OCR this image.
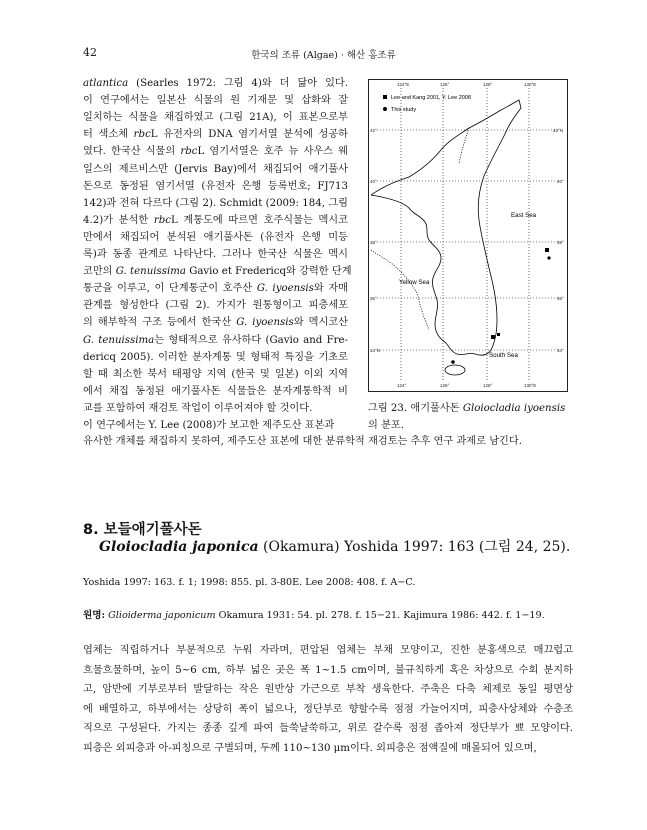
42	한국의 조류 (Algae) · 해산 홍조류
atlantica (Searles 1972: 그림 4)와 더 닮아 있다.
이 연구에서는 일본산 식물의 원 기재문 및 삽화와 잘
일치하는 식물을 채집하였고 (그림 21A), 이 표본으로부
터 색소체 rbcL 유전자의 DNA 염기서열 분석에 성공하
였다. 한국산 식물의 rbcL 염기서열은 호주 뉴 사우스 웨
일스의 제르비스만 (Jervis Bay)에서 채집되어 애기풀사
돈으로 동정된 염기서열 (유전자 은행 등록번호; FJ713
142)과 전혀 다르다 (그림 2). Schmidt (2009: 184, 그림
4.2)가 분석한 rbcL 계통도에 따르면 호주식물는 멕시코
만에서 채집되어 분석된 애기풀사돈 (유전자 은행 미등
록)과 동종 관계로 나타난다. 그러나 한국산 식물은 멕시
코만의 G. tenuissima Gavio et Fredericq와 강력한 단계
통군을 이루고, 이 단계통군이 호주산 G. iyoensis와 자매
관계를 형성한다 (그림 2). 가지가 원통형이고 피층세포
의 해부학적 구조 등에서 한국산 G. iyoensis와 멕시코산
G. tenuissima는 형태적으로 유사하다 (Gavio and Fre-
dericq 2005). 이러한 분자계통 및 형태적 특징을 기초로
할 때 최소한 북서 태평양 지역 (한국 및 일본) 이외 지역
에서 채집 동정된 애기풀사돈 식물들은 분자계통학적 비
교를 포함하여 재검토 작업이 이루어져야 할 것이다.
이 연구에서는 Y. Lee (2008)가 보고한 제주도산 표본과
유사한 개체를 채집하지 못하여, 제주도산 표본에 대한 분류학적 재검토는 추후 연구 과제로 남긴다.
124°E	126°	128°	130°E
124°	126°	128°	130°E
42°
40°
38°
36°
34°N
42°N
40°
38°
36°
34°
Lee and Kang 2001, Y. Lee 2008
This study
East Sea
Yellow Sea
South Sea
그림 23. 애기풀사돈 Gloiocladia iyoensis의 분포.
8. 보들애기풀사돈
Gloiocladia japonica (Okamura) Yoshida 1997: 163 (그림 24, 25).
Yoshida 1997: 163. f. 1; 1998: 855. pl. 3-80E. Lee 2008: 408. f. A−C.
원명: Glioiderma japonicum Okamura 1931: 54. pl. 278. f. 15−21. Kajimura 1986: 442. f. 1−19.
엽체는 직립하거나 부분적으로 누워 자라며, 편압된 엽체는 부채 모양이고, 진한 분홍색으로 매끄럽고
흐물흐물하며, 높이 5~6 cm, 하부 넓은 곳은 폭 1~1.5 cm이며, 불규칙하게 혹은 차상으로 수회 분지하
고, 암반에 기부로부터 발달하는 작은 원반상 가근으로 부착 생육한다. 주축은 다축 체제로 동일 평면상
에 배열하고, 하부에서는 상당히 폭이 넓으나, 정단부로 향할수록 점점 가늘어지며, 피층사상체와 수층조
직으로 구성된다. 가지는 종종 깊게 파여 들쑥날쑥하고, 위로 갈수록 점점 좁아져 정단부가 뾰 모양이다.
피층은 외피층과 아-피칭으로 구별되며, 두께 110~130 μm이다. 외피층은 점액질에 매몰되어 있으며,
